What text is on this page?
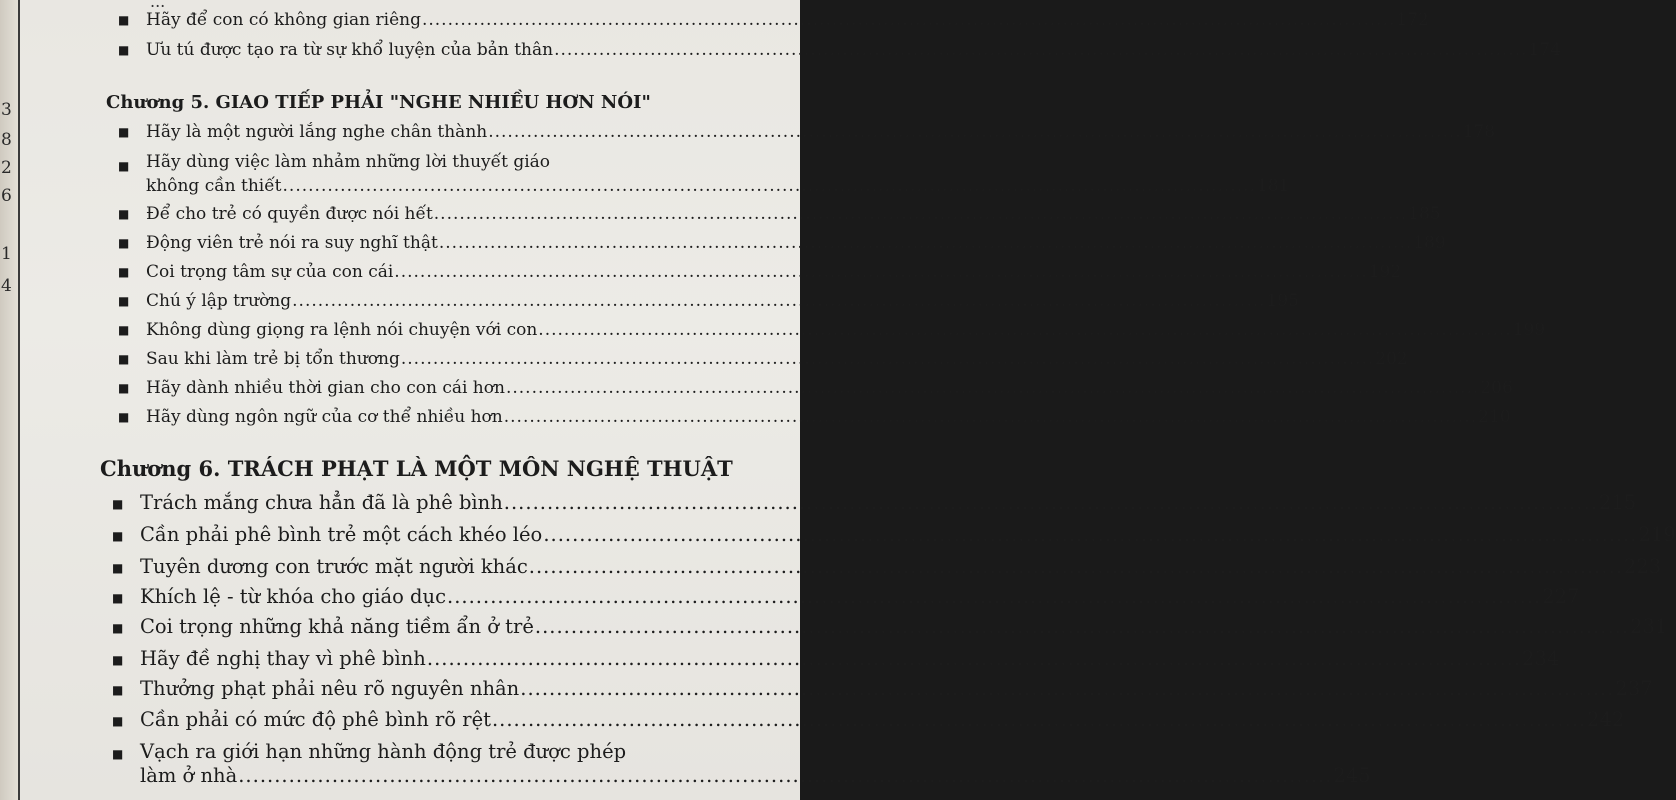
3
8
2
6
1
4
...
■ Hãy để con có không gian riêng .....	172
■ Ưu tú được tạo ra từ sự khổ luyện của bản thân .....	174
Chương 5. GIAO TIẾP PHẢI "NGHE NHIỀU HƠN NÓI"
■ Hãy là một người lắng nghe chân thành .....	178
■ Hãy dùng việc làm nhảm những lời thuyết giáo
không cần thiết .....	181
■ Để cho trẻ có quyền được nói hết .....	185
■ Động viên trẻ nói ra suy nghĩ thật .....	189
■ Coi trọng tâm sự của con cái .....	192
■ Chú ý lập trường .....	195
■ Không dùng giọng ra lệnh nói chuyện với con .....	199
■ Sau khi làm trẻ bị tổn thương .....	202
■ Hãy dành nhiều thời gian cho con cái hơn .....	206
■ Hãy dùng ngôn ngữ của cơ thể nhiều hơn .....	210
Chương 6. TRÁCH PHẠT LÀ MỘT MÔN NGHỆ THUẬT
■ Trách mắng chưa hẳn đã là phê bình .....	215
■ Cần phải phê bình trẻ một cách khéo léo .....	219
■ Tuyên dương con trước mặt người khác .....	223
■ Khích lệ - từ khóa cho giáo dục .....	227
■ Coi trọng những khả năng tiềm ẩn ở trẻ .....	231
■ Hãy đề nghị thay vì phê bình .....	234
■ Thưởng phạt phải nêu rõ nguyên nhân .....	237
■ Cần phải có mức độ phê bình rõ rệt .....	242
■ Vạch ra giới hạn những hành động trẻ được phép
làm ở nhà .....	245
